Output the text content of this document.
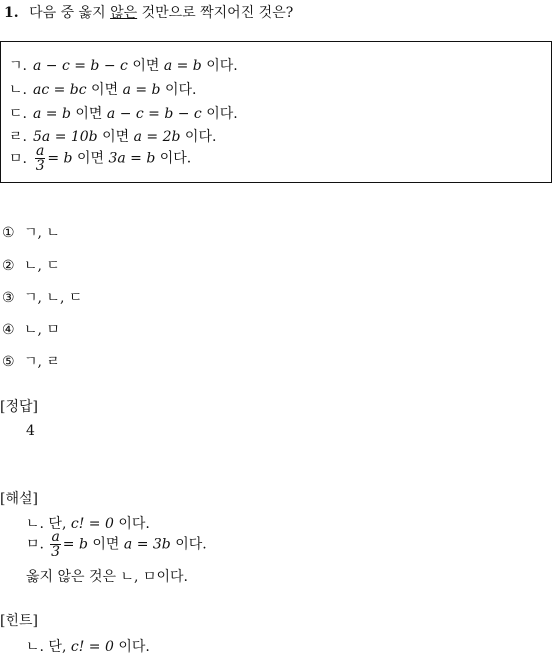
1. 다음 중 옳지 않은 것만으로 짝지어진 것은?
ㄱ. a − c = b − c 이면 a = b 이다.
ㄴ. ac = bc 이면 a = b 이다.
ㄷ. a = b 이면 a − c = b − c 이다.
ㄹ. 5a = 10b 이면 a = 2b 이다.
ㅁ. $\frac{a}{3} = b$ 이면 3a = b 이다.
① ㄱ, ㄴ
② ㄴ, ㄷ
③ ㄱ, ㄴ, ㄷ
④ ㄴ, ㅁ
⑤ ㄱ, ㄹ
[정답]
4
[해설]
ㄴ. 단, c! = 0 이다.
ㅁ. $\frac{a}{3} = b$ 이면 a = 3b 이다.
옳지 않은 것은 ㄴ, ㅁ이다.
[힌트]
ㄴ. 단, c! = 0 이다.
